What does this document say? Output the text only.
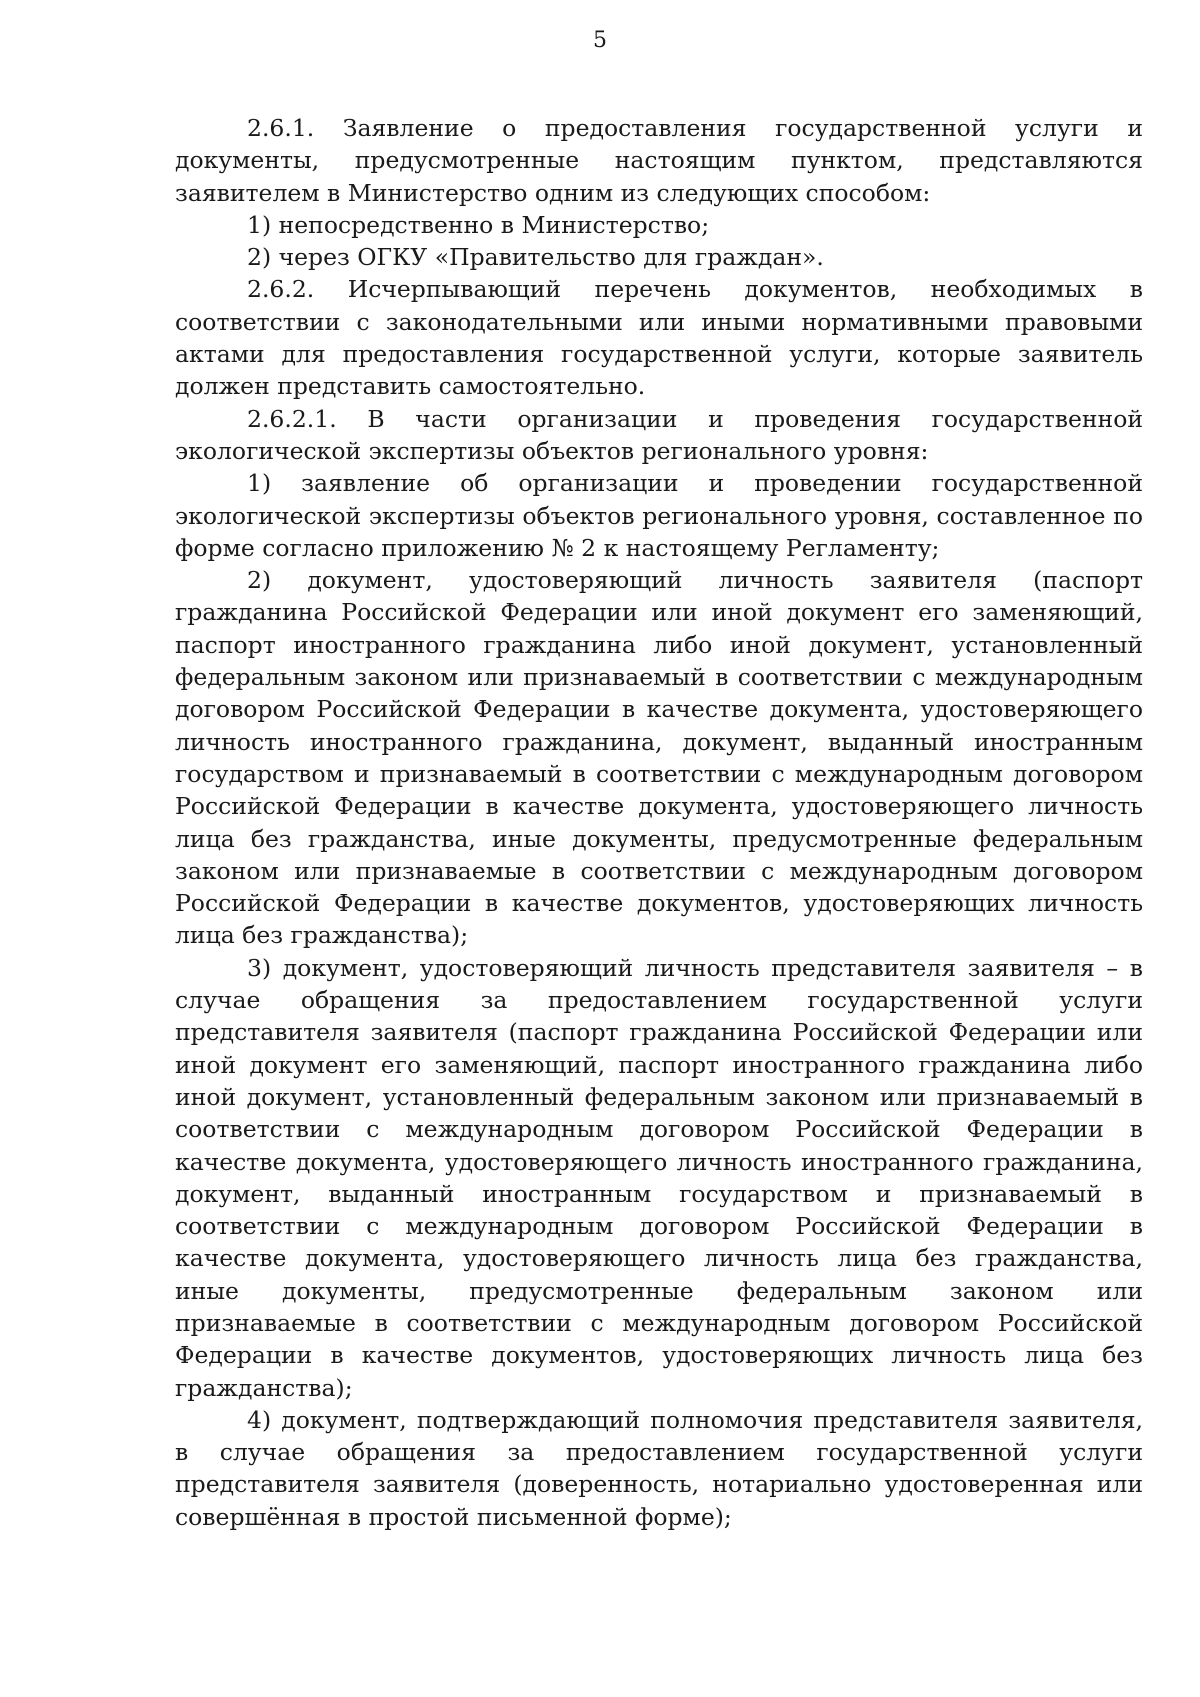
5

2.6.1. Заявление о предоставления государственной услуги и документы, предусмотренные настоящим пунктом, представляются заявителем в Министерство одним из следующих способом:

1) непосредственно в Министерство;

2) через ОГКУ «Правительство для граждан».

2.6.2. Исчерпывающий перечень документов, необходимых в соответствии с законодательными или иными нормативными правовыми актами для предоставления государственной услуги, которые заявитель должен представить самостоятельно.

2.6.2.1. В части организации и проведения государственной экологической экспертизы объектов регионального уровня:

1) заявление об организации и проведении государственной экологической экспертизы объектов регионального уровня, составленное по форме согласно приложению № 2 к настоящему Регламенту;

2) документ, удостоверяющий личность заявителя (паспорт гражданина Российской Федерации или иной документ его заменяющий, паспорт иностранного гражданина либо иной документ, установленный федеральным законом или признаваемый в соответствии с международным договором Российской Федерации в качестве документа, удостоверяющего личность иностранного гражданина, документ, выданный иностранным государством и признаваемый в соответствии с международным договором Российской Федерации в качестве документа, удостоверяющего личность лица без гражданства, иные документы, предусмотренные федеральным законом или признаваемые в соответствии с международным договором Российской Федерации в качестве документов, удостоверяющих личность лица без гражданства);

3) документ, удостоверяющий личность представителя заявителя – в случае обращения за предоставлением государственной услуги представителя заявителя (паспорт гражданина Российской Федерации или иной документ его заменяющий, паспорт иностранного гражданина либо иной документ, установленный федеральным законом или признаваемый в соответствии с международным договором Российской Федерации в качестве документа, удостоверяющего личность иностранного гражданина, документ, выданный иностранным государством и признаваемый в соответствии с международным договором Российской Федерации в качестве документа, удостоверяющего личность лица без гражданства, иные документы, предусмотренные федеральным законом или признаваемые в соответствии с международным договором Российской Федерации в качестве документов, удостоверяющих личность лица без гражданства);

4) документ, подтверждающий полномочия представителя заявителя, в случае обращения за предоставлением государственной услуги представителя заявителя (доверенность, нотариально удостоверенная или совершённая в простой письменной форме);
